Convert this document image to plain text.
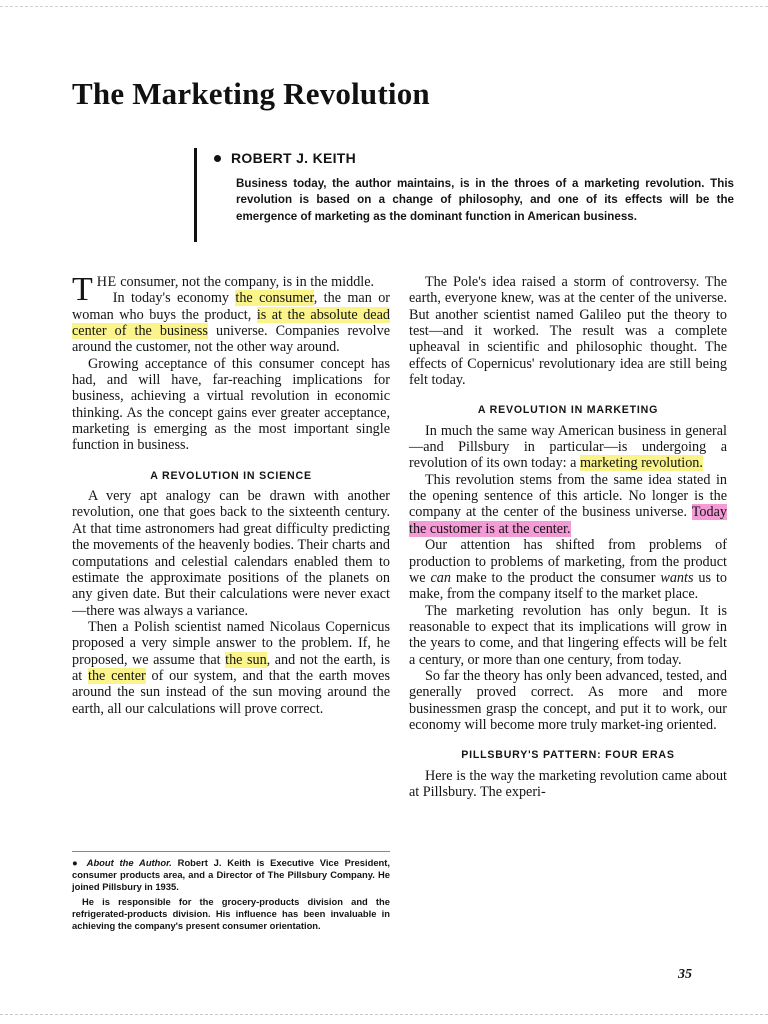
The Marketing Revolution
ROBERT J. KEITH

Business today, the author maintains, is in the throes of a marketing revolution. This revolution is based on a change of philosophy, and one of its effects will be the emergence of marketing as the dominant function in American business.

THE consumer, not the company, is in the middle.

In today's economy the consumer, the man or woman who buys the product, is at the absolute dead center of the business universe. Companies revolve around the customer, not the other way around.

Growing acceptance of this consumer concept has had, and will have, far-reaching implications for business, achieving a virtual revolution in economic thinking. As the concept gains ever greater acceptance, marketing is emerging as the most important single function in business.

A REVOLUTION IN SCIENCE

A very apt analogy can be drawn with another revolution, one that goes back to the sixteenth century. At that time astronomers had great difficulty predicting the movements of the heavenly bodies. Their charts and computations and celestial calendars enabled them to estimate the approximate positions of the planets on any given date. But their calculations were never exact—there was always a variance.

Then a Polish scientist named Nicolaus Copernicus proposed a very simple answer to the problem. If, he proposed, we assume that the sun, and not the earth, is at the center of our system, and that the earth moves around the sun instead of the sun moving around the earth, all our calculations will prove correct.

● About the Author. Robert J. Keith is Executive Vice President, consumer products area, and a Director of The Pillsbury Company. He joined Pillsbury in 1935.

He is responsible for the grocery-products division and the refrigerated-products division. His influence has been invaluable in achieving the company's present consumer orientation.

The Pole's idea raised a storm of controversy. The earth, everyone knew, was at the center of the universe. But another scientist named Galileo put the theory to test—and it worked. The result was a complete upheaval in scientific and philosophic thought. The effects of Copernicus' revolutionary idea are still being felt today.

A REVOLUTION IN MARKETING

In much the same way American business in general—and Pillsbury in particular—is undergoing a revolution of its own today: a marketing revolution.

This revolution stems from the same idea stated in the opening sentence of this article. No longer is the company at the center of the business universe. Today the customer is at the center.

Our attention has shifted from problems of production to problems of marketing, from the product we can make to the product the consumer wants us to make, from the company itself to the market place.

The marketing revolution has only begun. It is reasonable to expect that its implications will grow in the years to come, and that lingering effects will be felt a century, or more than one century, from today.

So far the theory has only been advanced, tested, and generally proved correct. As more and more businessmen grasp the concept, and put it to work, our economy will become more truly market-ing oriented.

PILLSBURY'S PATTERN: FOUR ERAS

Here is the way the marketing revolution came about at Pillsbury. The experi-

35
